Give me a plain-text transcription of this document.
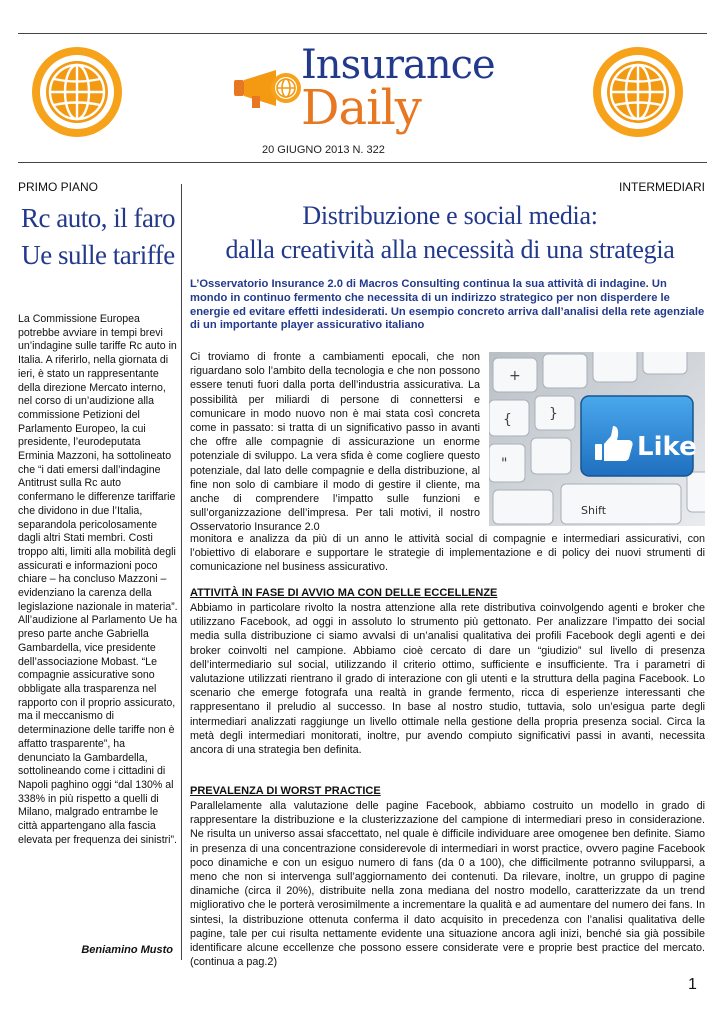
Insurance
Daily
20 GIUGNO 2013 N. 322
PRIMO PIANO	INTERMEDIARI
Rc auto, il faro Ue sulle tariffe
La Commissione Europea potrebbe avviare in tempi brevi un’indagine sulle tariffe Rc auto in Italia. A riferirlo, nella giornata di ieri, è stato un rappresentante della direzione Mercato interno, nel corso di un’audizione alla commissione Petizioni del Parlamento Europeo, la cui presidente, l’eurodeputata Erminia Mazzoni, ha sottolineato che “i dati emersi dall’indagine Antitrust sulla Rc auto confermano le differenze tariffarie che dividono in due l’Italia, separandola pericolosamente dagli altri Stati membri. Costi troppo alti, limiti alla mobilità degli assicurati e informazioni poco chiare – ha concluso Mazzoni – evidenziano la carenza della legislazione nazionale in materia”. All’audizione al Parlamento Ue ha preso parte anche Gabriella Gambardella, vice presidente dell’associazione Mobast. “Le compagnie assicurative sono obbligate alla trasparenza nel rapporto con il proprio assicurato, ma il meccanismo di determinazione delle tariffe non è affatto trasparente”, ha denunciato la Gambardella, sottolineando come i cittadini di Napoli paghino oggi “dal 130% al 338% in più rispetto a quelli di Milano, malgrado entrambe le città appartengano alla fascia elevata per frequenza dei sinistri”.
Beniamino Musto
Distribuzione e social media:
dalla creatività alla necessità di una strategia
L’Osservatorio Insurance 2.0 di Macros Consulting continua la sua attività di indagine. Un mondo in continuo fermento che necessita di un indirizzo strategico per non disperdere le energie ed evitare effetti indesiderati. Un esempio concreto arriva dall’analisi della rete agenziale di un importante player assicurativo italiano
Ci troviamo di fronte a cambiamenti epocali, che non riguardano solo l’ambito della tecnologia e che non possono essere tenuti fuori dalla porta dell’industria assicurativa. La possibilità per miliardi di persone di connettersi e comunicare in modo nuovo non è mai stata così concreta come in passato: si tratta di un significativo passo in avanti che offre alle compagnie di assicurazione un enorme potenziale di sviluppo. La vera sfida è come cogliere questo potenziale, dal lato delle compagnie e della distribuzione, al fine non solo di cambiare il modo di gestire il cliente, ma anche di comprendere l’impatto sulle funzioni e sull’organizzazione dell’impresa. Per tali motivi, il nostro Osservatorio Insurance 2.0
+
{
"
}
Like
Shift
monitora e analizza da più di un anno le attività social di compagnie e intermediari assicurativi, con l’obiettivo di elaborare e supportare le strategie di implementazione e di policy dei nuovi strumenti di comunicazione nel business assicurativo.
ATTIVITÀ IN FASE DI AVVIO MA CON DELLE ECCELLENZE
Abbiamo in particolare rivolto la nostra attenzione alla rete distributiva coinvolgendo agenti e broker che utilizzano Facebook, ad oggi in assoluto lo strumento più gettonato. Per analizzare l’impatto dei social media sulla distribuzione ci siamo avvalsi di un’analisi qualitativa dei profili Facebook degli agenti e dei broker coinvolti nel campione. Abbiamo cioè cercato di dare un “giudizio” sul livello di presenza dell’intermediario sul social, utilizzando il criterio ottimo, sufficiente e insufficiente. Tra i parametri di valutazione utilizzati rientrano il grado di interazione con gli utenti e la struttura della pagina Facebook. Lo scenario che emerge fotografa una realtà in grande fermento, ricca di esperienze interessanti che rappresentano il preludio al successo. In base al nostro studio, tuttavia, solo un’esigua parte degli intermediari analizzati raggiunge un livello ottimale nella gestione della propria presenza social. Circa la metà degli intermediari monitorati, inoltre, pur avendo compiuto significativi passi in avanti, necessita ancora di una strategia ben definita.
PREVALENZA DI WORST PRACTICE
Parallelamente alla valutazione delle pagine Facebook, abbiamo costruito un modello in grado di rappresentare la distribuzione e la clusterizzazione del campione di intermediari preso in considerazione. Ne risulta un universo assai sfaccettato, nel quale è difficile individuare aree omogenee ben definite. Siamo in presenza di una concentrazione considerevole di intermediari in worst practice, ovvero pagine Facebook poco dinamiche e con un esiguo numero di fans (da 0 a 100), che difficilmente potranno svilupparsi, a meno che non si intervenga sull’aggiornamento dei contenuti. Da rilevare, inoltre, un gruppo di pagine dinamiche (circa il 20%), distribuite nella zona mediana del nostro modello, caratterizzate da un trend migliorativo che le porterà verosimilmente a incrementare la qualità e ad aumentare del numero dei fans. In sintesi, la distribuzione ottenuta conferma il dato acquisito in precedenza con l’analisi qualitativa delle pagine, tale per cui risulta nettamente evidente una situazione ancora agli inizi, benché sia già possibile identificare alcune eccellenze che possono essere considerate vere e proprie best practice del mercato. (continua a pag.2)
1
